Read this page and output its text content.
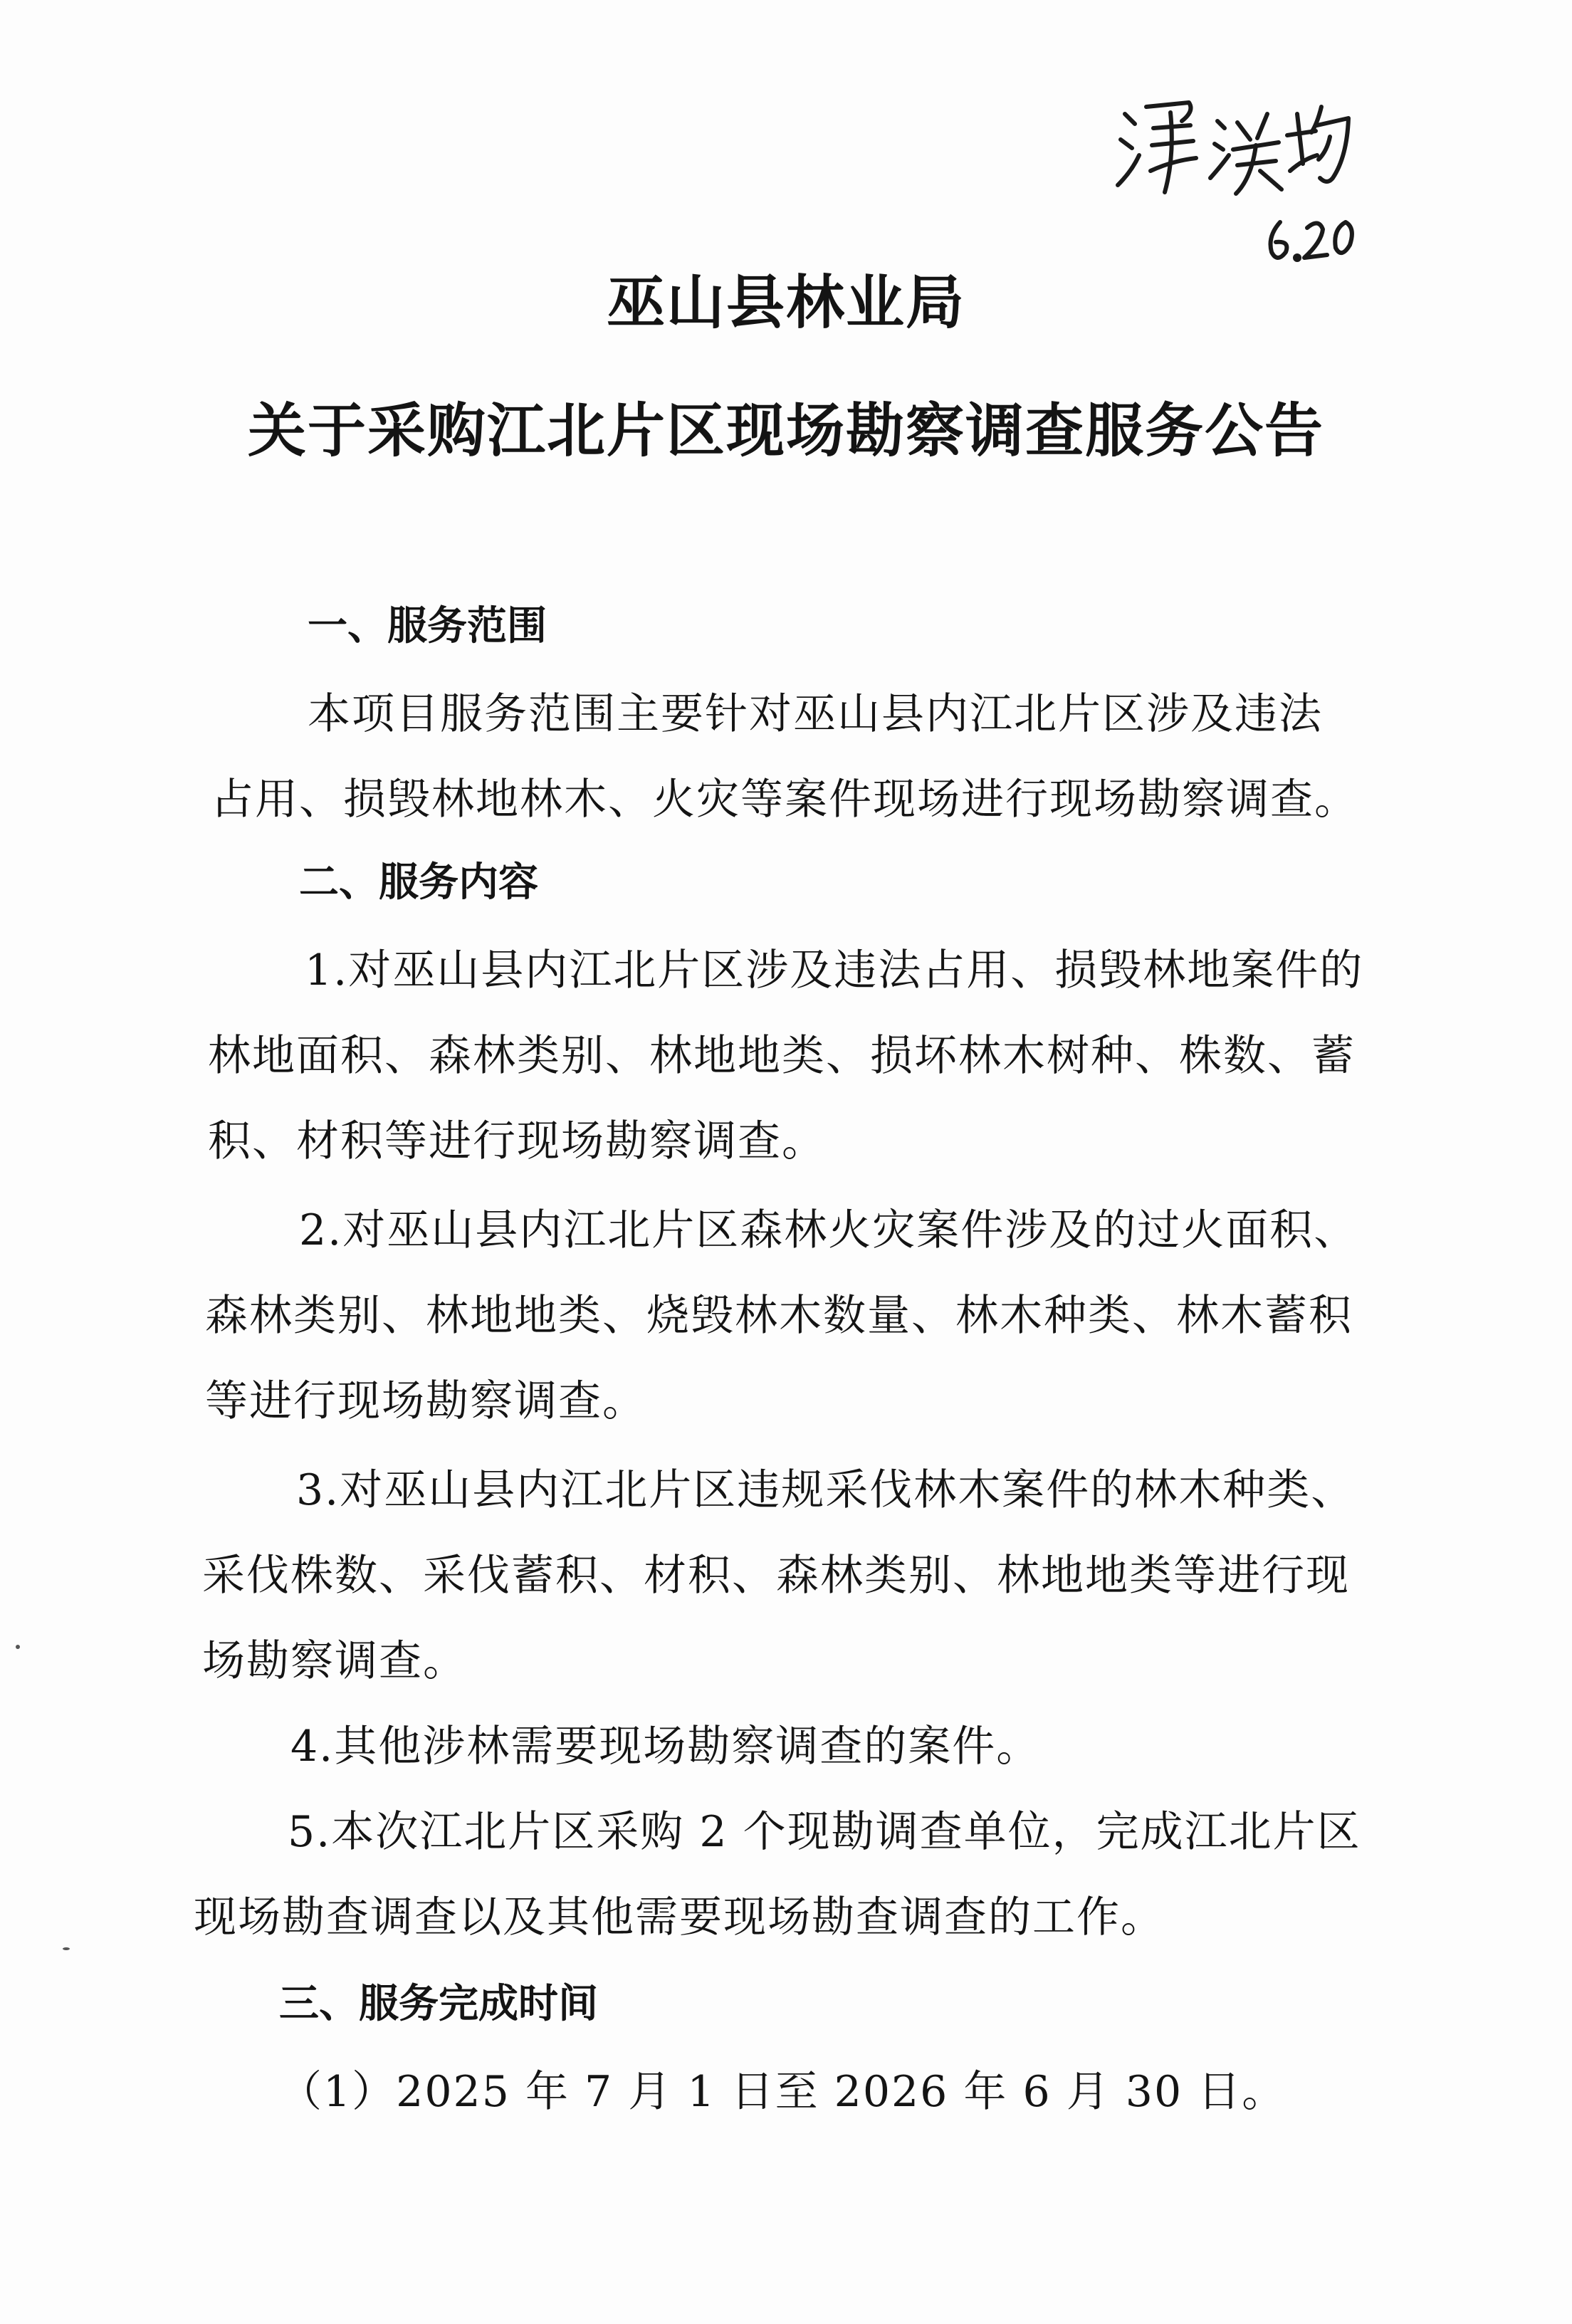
巫山县林业局
关于采购江北片区现场勘察调查服务公告
一、服务范围
本项目服务范围主要针对巫山县内江北片区涉及违法
占用、损毁林地林木、火灾等案件现场进行现场勘察调查。
二、服务内容
1.对巫山县内江北片区涉及违法占用、损毁林地案件的
林地面积、森林类别、林地地类、损坏林木树种、株数、蓄
积、材积等进行现场勘察调查。
2.对巫山县内江北片区森林火灾案件涉及的过火面积、
森林类别、林地地类、烧毁林木数量、林木种类、林木蓄积
等进行现场勘察调查。
3.对巫山县内江北片区违规采伐林木案件的林木种类、
采伐株数、采伐蓄积、材积、森林类别、林地地类等进行现
场勘察调查。
4.其他涉林需要现场勘察调查的案件。
5.本次江北片区采购 2 个现勘调查单位，完成江北片区
现场勘查调查以及其他需要现场勘查调查的工作。
三、服务完成时间
（1）2025 年 7 月 1 日至 2026 年 6 月 30 日。
